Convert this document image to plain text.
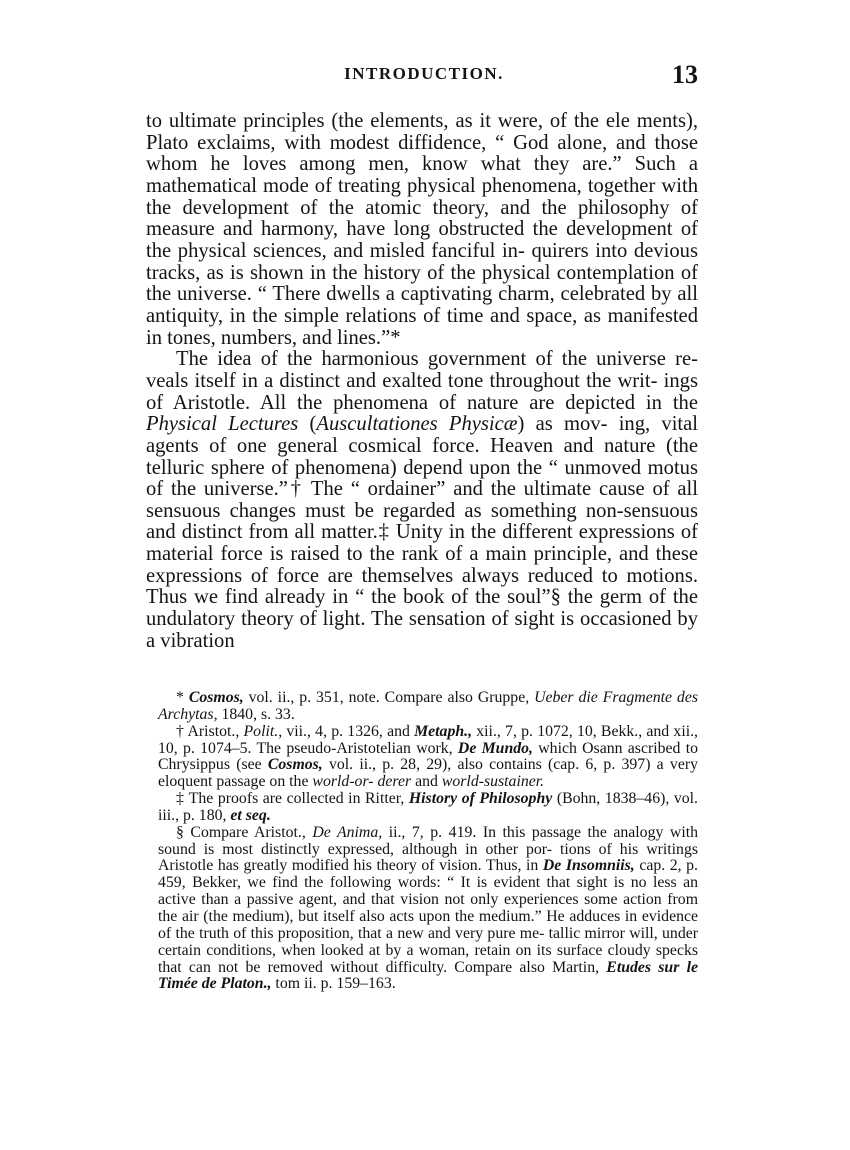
INTRODUCTION.	13

to ultimate principles (the elements, as it were, of the ele ments), Plato exclaims, with modest diffidence, “ God alone, and those whom he loves among men, know what they are.” Such a mathematical mode of treating physical phenomena, together with the development of the atomic theory, and the philosophy of measure and harmony, have long obstructed the development of the physical sciences, and misled fanciful in- quirers into devious tracks, as is shown in the history of the physical contemplation of the universe. “ There dwells a captivating charm, celebrated by all antiquity, in the simple relations of time and space, as manifested in tones, numbers, and lines.”*

The idea of the harmonious government of the universe re- veals itself in a distinct and exalted tone throughout the writ- ings of Aristotle. All the phenomena of nature are depicted in the Physical Lectures (Auscultationes Physicæ) as mov- ing, vital agents of one general cosmical force. Heaven and nature (the telluric sphere of phenomena) depend upon the “ unmoved motus of the universe.”† The “ ordainer” and the ultimate cause of all sensuous changes must be regarded as something non-sensuous and distinct from all matter.‡ Unity in the different expressions of material force is raised to the rank of a main principle, and these expressions of force are themselves always reduced to motions. Thus we find already in “ the book of the soul”§ the germ of the undulatory theory of light. The sensation of sight is occasioned by a vibration

* Cosmos, vol. ii., p. 351, note. Compare also Gruppe, Ueber die Fragmente des Archytas, 1840, s. 33.

† Aristot., Polit., vii., 4, p. 1326, and Metaph., xii., 7, p. 1072, 10, Bekk., and xii., 10, p. 1074–5. The pseudo-Aristotelian work, De Mundo, which Osann ascribed to Chrysippus (see Cosmos, vol. ii., p. 28, 29), also contains (cap. 6, p. 397) a very eloquent passage on the world-or- derer and world-sustainer.

‡ The proofs are collected in Ritter, History of Philosophy (Bohn, 1838–46), vol. iii., p. 180, et seq.

§ Compare Aristot., De Anima, ii., 7, p. 419. In this passage the analogy with sound is most distinctly expressed, although in other por- tions of his writings Aristotle has greatly modified his theory of vision. Thus, in De Insomniis, cap. 2, p. 459, Bekker, we find the following words: “ It is evident that sight is no less an active than a passive agent, and that vision not only experiences some action from the air (the medium), but itself also acts upon the medium.” He adduces in evidence of the truth of this proposition, that a new and very pure me- tallic mirror will, under certain conditions, when looked at by a woman, retain on its surface cloudy specks that can not be removed without difficulty. Compare also Martin, Etudes sur le Timée de Platon., tom ii. p. 159–163.
